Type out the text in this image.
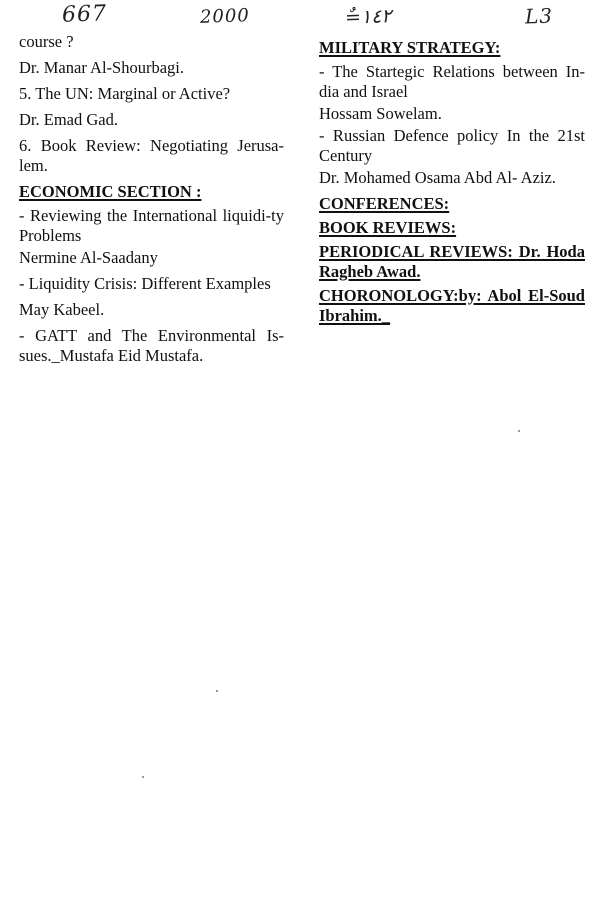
667	2000	ٌ=١٤٢	L3

course ?

Dr. Manar Al-Shourbagi.

5. The UN: Marginal or Active?

Dr. Emad Gad.

6. Book Review: Negotiating Jerusa-lem.

ECONOMIC SECTION :

- Reviewing the International liquidi-ty Problems

Nermine Al-Saadany

- Liquidity Crisis: Different Examples

May Kabeel.

- GATT and The Environmental Is-sues._Mustafa Eid Mustafa.

MILITARY STRATEGY:

- The Startegic Relations between In-dia and Israel

Hossam Sowelam.

- Russian Defence policy In the 21st Century

Dr. Mohamed Osama Abd Al- Aziz.

CONFERENCES:

BOOK REVIEWS:

PERIODICAL REVIEWS: Dr. Hoda Ragheb Awad.

CHORONOLOGY:by: Abol El-Soud Ibrahim._
